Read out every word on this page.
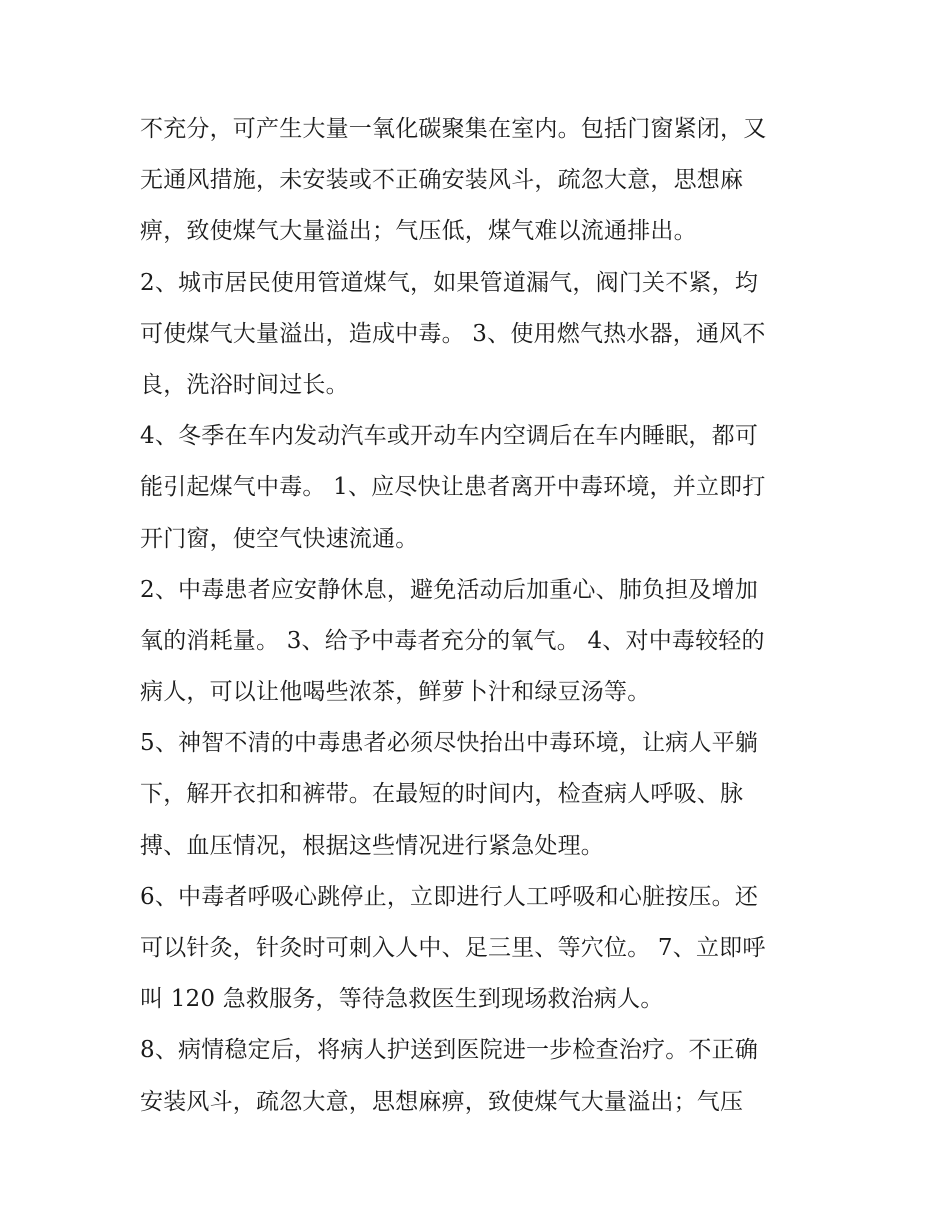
不充分，可产生大量一氧化碳聚集在室内。包括门窗紧闭，又
无通风措施，未安装或不正确安装风斗，疏忽大意，思想麻
痹，致使煤气大量溢出；气压低，煤气难以流通排出。
2、城市居民使用管道煤气，如果管道漏气，阀门关不紧，均
可使煤气大量溢出，造成中毒。 3、使用燃气热水器，通风不
良，洗浴时间过长。
4、冬季在车内发动汽车或开动车内空调后在车内睡眠，都可
能引起煤气中毒。 1、应尽快让患者离开中毒环境，并立即打
开门窗，使空气快速流通。
2、中毒患者应安静休息，避免活动后加重心、肺负担及增加
氧的消耗量。 3、给予中毒者充分的氧气。 4、对中毒较轻的
病人，可以让他喝些浓茶，鲜萝卜汁和绿豆汤等。
5、神智不清的中毒患者必须尽快抬出中毒环境，让病人平躺
下，解开衣扣和裤带。在最短的时间内，检查病人呼吸、脉
搏、血压情况，根据这些情况进行紧急处理。
6、中毒者呼吸心跳停止，立即进行人工呼吸和心脏按压。还
可以针灸，针灸时可刺入人中、足三里、等穴位。 7、立即呼
叫 120 急救服务，等待急救医生到现场救治病人。
8、病情稳定后，将病人护送到医院进一步检查治疗。不正确
安装风斗，疏忽大意，思想麻痹，致使煤气大量溢出；气压
